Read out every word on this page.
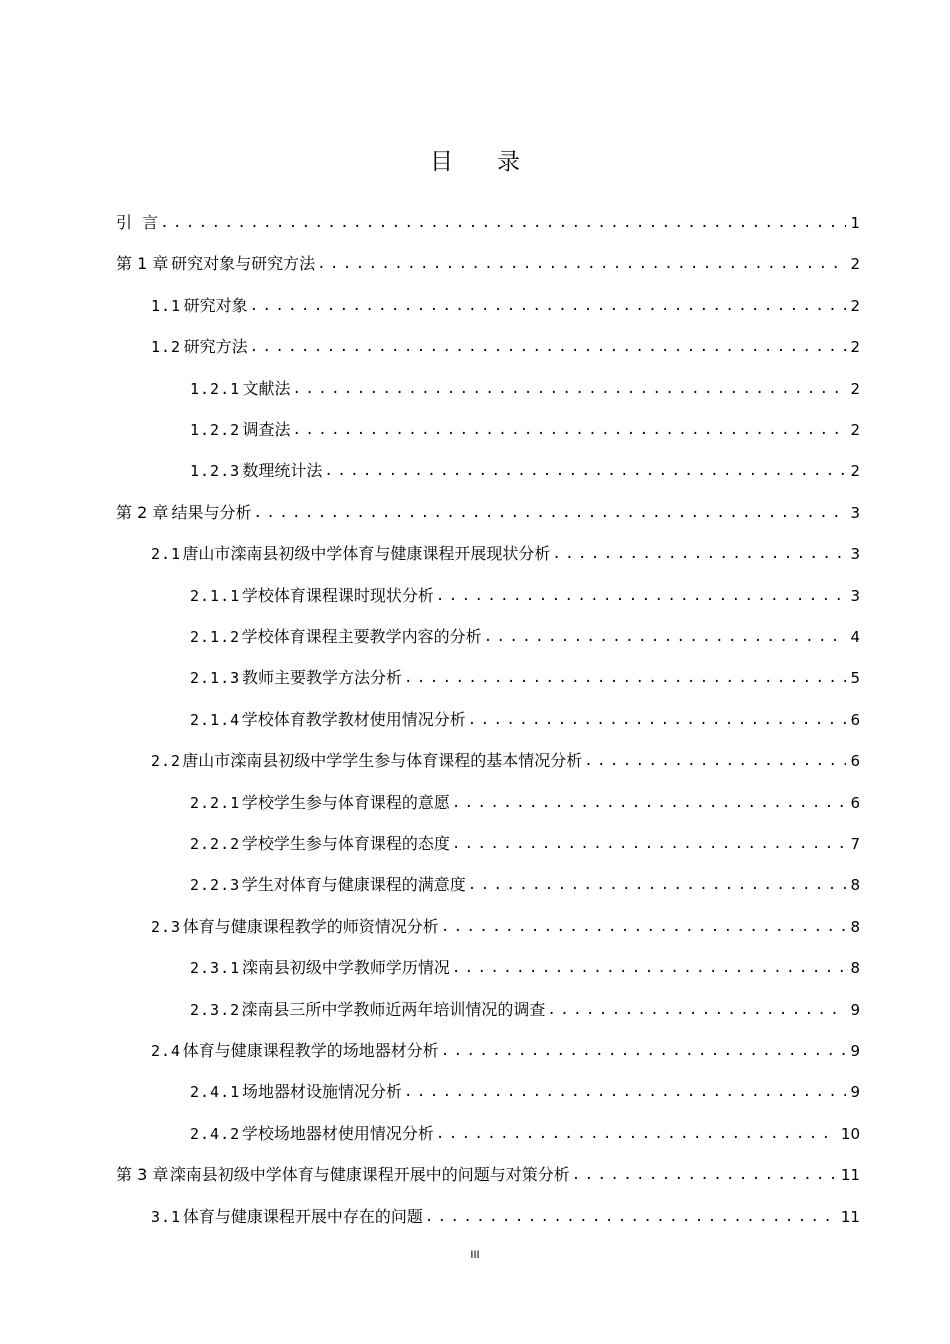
目录
引  言 . . .	1
第 1 章 研究对象与研究方法 . . .	2
1.1 研究对象 . . .	2
1.2 研究方法 . . .	2
1.2.1 文献法 . . .	2
1.2.2 调查法 . . .	2
1.2.3 数理统计法 . . .	2
第 2 章 结果与分析 . . .	3
2.1 唐山市滦南县初级中学体育与健康课程开展现状分析 . . .	3
2.1.1 学校体育课程课时现状分析 . . .	3
2.1.2 学校体育课程主要教学内容的分析 . . .	4
2.1.3 教师主要教学方法分析 . . .	5
2.1.4 学校体育教学教材使用情况分析 . . .	6
2.2 唐山市滦南县初级中学学生参与体育课程的基本情况分析 . . .	6
2.2.1 学校学生参与体育课程的意愿 . . .	6
2.2.2 学校学生参与体育课程的态度 . . .	7
2.2.3 学生对体育与健康课程的满意度 . . .	8
2.3 体育与健康课程教学的师资情况分析 . . .	8
2.3.1 滦南县初级中学教师学历情况 . . .	8
2.3.2 滦南县三所中学教师近两年培训情况的调查 . . .	9
2.4 体育与健康课程教学的场地器材分析 . . .	9
2.4.1 场地器材设施情况分析 . . .	9
2.4.2 学校场地器材使用情况分析 . . .	10
第 3 章 滦南县初级中学体育与健康课程开展中的问题与对策分析 . . .	11
3.1 体育与健康课程开展中存在的问题 . . .	11
III
